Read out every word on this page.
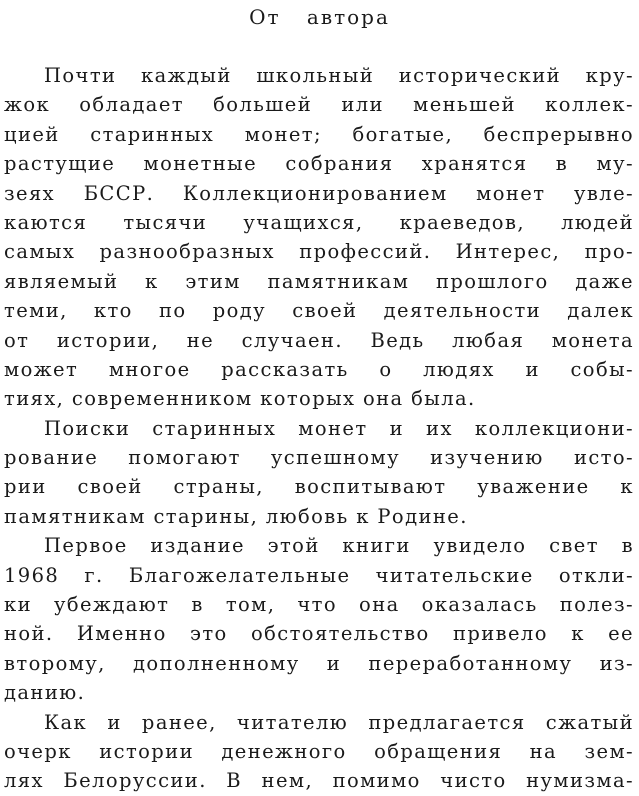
От автора
Почти каждый школьный исторический кру-
жок обладает большей или меньшей коллек-
цией старинных монет; богатые, беспрерывно
растущие монетные собрания хранятся в му-
зеях БССР. Коллекционированием монет увле-
каются тысячи учащихся, краеведов, людей
самых разнообразных профессий. Интерес, про-
являемый к этим памятникам прошлого даже
теми, кто по роду своей деятельности далек
от истории, не случаен. Ведь любая монета
может многое рассказать о людях и собы-
тиях, современником которых она была.
Поиски старинных монет и их коллекциони-
рование помогают успешному изучению исто-
рии своей страны, воспитывают уважение к
памятникам старины, любовь к Родине.
Первое издание этой книги увидело свет в
1968 г. Благожелательные читательские откли-
ки убеждают в том, что она оказалась полез-
ной. Именно это обстоятельство привело к ее
второму, дополненному и переработанному из-
данию.
Как и ранее, читателю предлагается сжатый
очерк истории денежного обращения на зем-
лях Белоруссии. В нем, помимо чисто нумизма-
